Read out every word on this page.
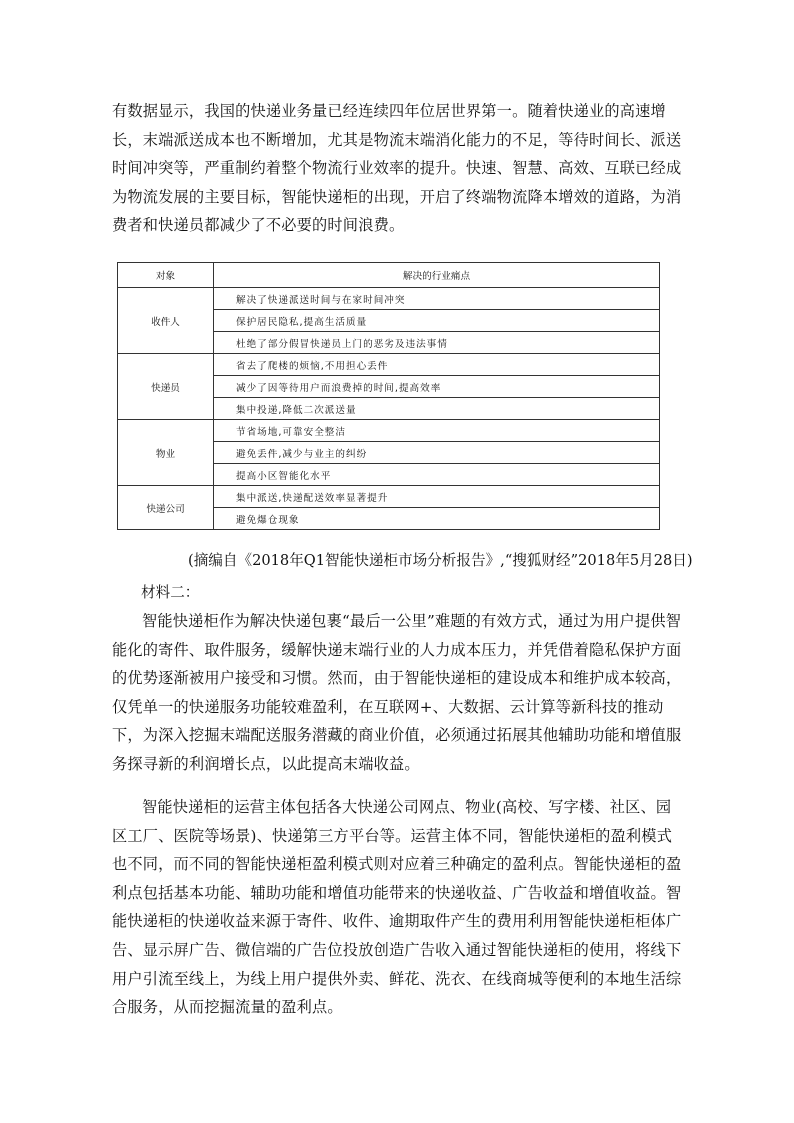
有数据显示，我国的快递业务量已经连续四年位居世界第一。随着快递业的高速增长，末端派送成本也不断增加，尤其是物流末端消化能力的不足，等待时间长、派送时间冲突等，严重制约着整个物流行业效率的提升。快速、智慧、高效、互联已经成为物流发展的主要目标，智能快递柜的出现，开启了终端物流降本增效的道路，为消费者和快递员都减少了不必要的时间浪费。

对象	解决的行业痛点
收件人	解决了快递派送时间与在家时间冲突
	保护居民隐私,提高生活质量
	杜绝了部分假冒快递员上门的恶劣及违法事情
快递员	省去了爬楼的烦恼,不用担心丢件
	减少了因等待用户而浪费掉的时间,提高效率
	集中投递,降低二次派送量
物业	节省场地,可靠安全整洁
	避免丢件,减少与业主的纠纷
	提高小区智能化水平
快递公司	集中派送,快递配送效率显著提升
	避免爆仓现象
(摘编自《2018年Q1智能快递柜市场分析报告》,“搜狐财经”2018年5月28日)
材料二：

智能快递柜作为解决快递包裹“最后一公里”难题的有效方式，通过为用户提供智能化的寄件、取件服务，缓解快递末端行业的人力成本压力，并凭借着隐私保护方面的优势逐渐被用户接受和习惯。然而，由于智能快递柜的建设成本和维护成本较高，仅凭单一的快递服务功能较难盈利，在互联网+、大数据、云计算等新科技的推动下，为深入挖掘末端配送服务潜藏的商业价值，必须通过拓展其他辅助功能和增值服务探寻新的利润增长点，以此提高末端收益。

智能快递柜的运营主体包括各大快递公司网点、物业(高校、写字楼、社区、园区工厂、医院等场景)、快递第三方平台等。运营主体不同，智能快递柜的盈利模式也不同，而不同的智能快递柜盈利模式则对应着三种确定的盈利点。智能快递柜的盈利点包括基本功能、辅助功能和增值功能带来的快递收益、广告收益和增值收益。智能快递柜的快递收益来源于寄件、收件、逾期取件产生的费用利用智能快递柜柜体广告、显示屏广告、微信端的广告位投放创造广告收入通过智能快递柜的使用，将线下用户引流至线上，为线上用户提供外卖、鲜花、洗衣、在线商城等便利的本地生活综合服务，从而挖掘流量的盈利点。
